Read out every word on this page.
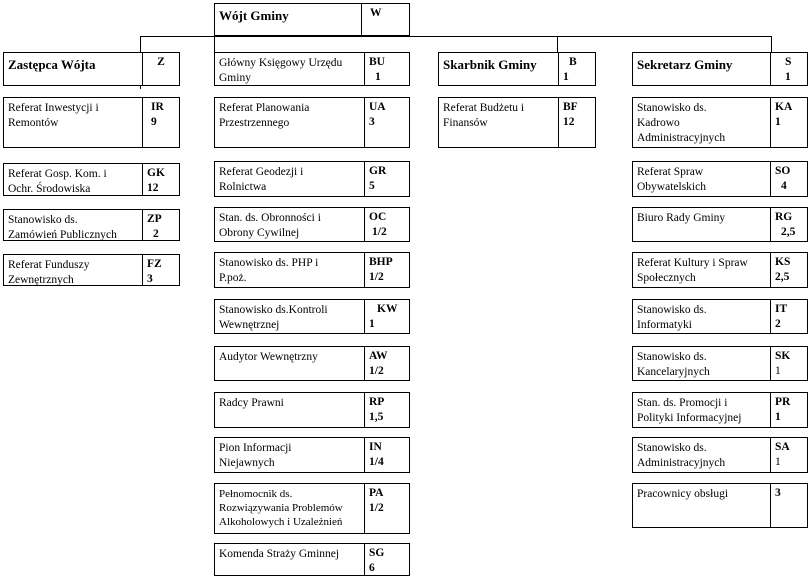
Wójt Gminy	W
Zastępca Wójta	Z
Referat Inwestycji i
Remontów
IR
9
Referat Gosp. Kom. i
Ochr. Środowiska
GK
12
Stanowisko ds.
Zamówień Publicznych
ZP
2
Referat Funduszy
Zewnętrznych
FZ
3
Główny Księgowy Urzędu
Gminy
BU
1
Referat Planowania
Przestrzennego
UA
3
Referat Geodezji i
Rolnictwa
GR
5
Stan. ds. Obronności i
Obrony Cywilnej
OC
1/2
Stanowisko ds. PHP i
P.poż.
BHP
1/2
Stanowisko ds.Kontroli
Wewnętrznej
KW
1
Audytor Wewnętrzny	AW
1/2
Radcy Prawni	RP
1,5
Pion Informacji
Niejawnych
IN
1/4
Pełnomocnik ds.
Rozwiązywania Problemów
Alkoholowych i Uzależnień
PA
1/2
Komenda Straży Gminnej	SG
6
Skarbnik Gminy	B
1
Referat Budżetu i
Finansów
BF
12
Sekretarz Gminy	S
1
Stanowisko ds.
Kadrowo
Administracyjnych
KA
1
Referat Spraw
Obywatelskich
SO
4
Biuro Rady Gminy	RG
2,5
Referat Kultury i Spraw
Społecznych
KS
2,5
Stanowisko ds.
Informatyki
IT
2
Stanowisko ds.
Kancelaryjnych
SK
1
Stan. ds. Promocji i
Polityki Informacyjnej
PR
1
Stanowisko ds.
Administracyjnych
SA
1
Pracownicy obsługi	3
